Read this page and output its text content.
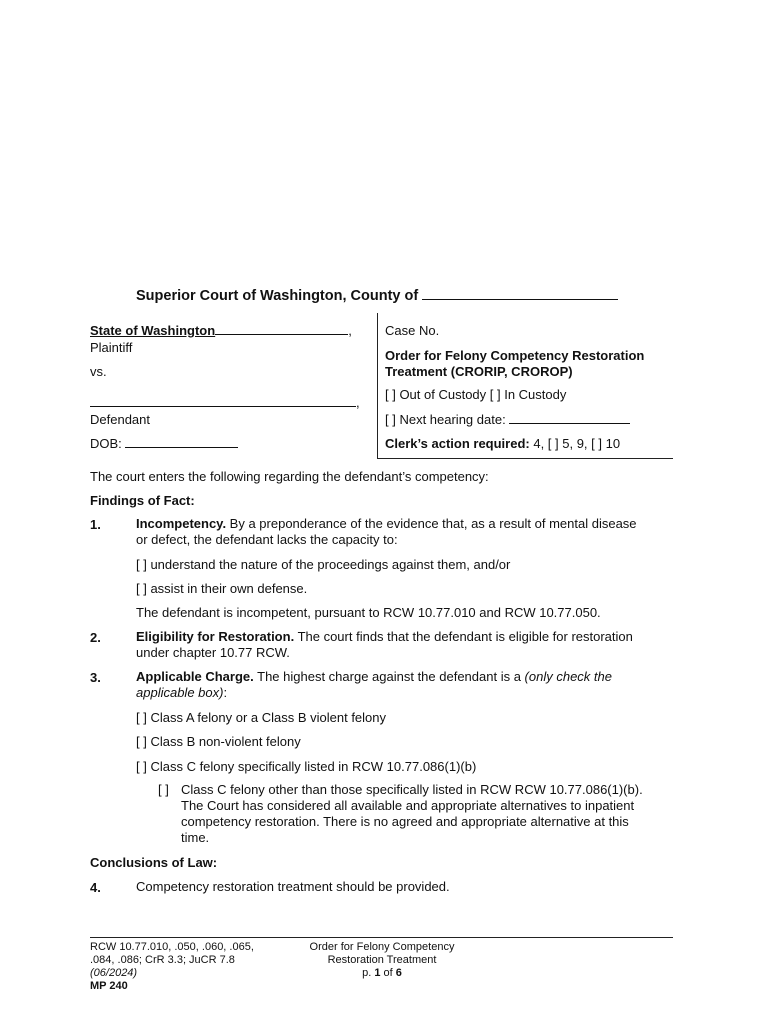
Superior Court of Washington, County of
State of Washington	,
Plaintiff
vs.
,
Defendant
DOB:
Case No.
Order for Felony Competency Restoration
Treatment (CRORIP, CROROP)
[ ] Out of Custody [ ] In Custody
[ ] Next hearing date:
Clerk’s action required: 4, [ ] 5, 9, [ ] 10
The court enters the following regarding the defendant’s competency:
Findings of Fact:
1.	Incompetency. By a preponderance of the evidence that, as a result of mental disease
or defect, the defendant lacks the capacity to:
[ ] understand the nature of the proceedings against them, and/or
[ ] assist in their own defense.
The defendant is incompetent, pursuant to RCW 10.77.010 and RCW 10.77.050.
2.	Eligibility for Restoration. The court finds that the defendant is eligible for restoration
under chapter 10.77 RCW.
3.	Applicable Charge. The highest charge against the defendant is a (only check the
applicable box):
[ ] Class A felony or a Class B violent felony
[ ] Class B non-violent felony
[ ] Class C felony specifically listed in RCW 10.77.086(1)(b)
[ ] Class C felony other than those specifically listed in RCW RCW 10.77.086(1)(b).
The Court has considered all available and appropriate alternatives to inpatient
competency restoration. There is no agreed and appropriate alternative at this
time.
Conclusions of Law:
4.	Competency restoration treatment should be provided.
RCW 10.77.010, .050, .060, .065,
.084, .086; CrR 3.3; JuCR 7.8
(06/2024)
MP 240
Order for Felony Competency
Restoration Treatment
p. 1 of 6
